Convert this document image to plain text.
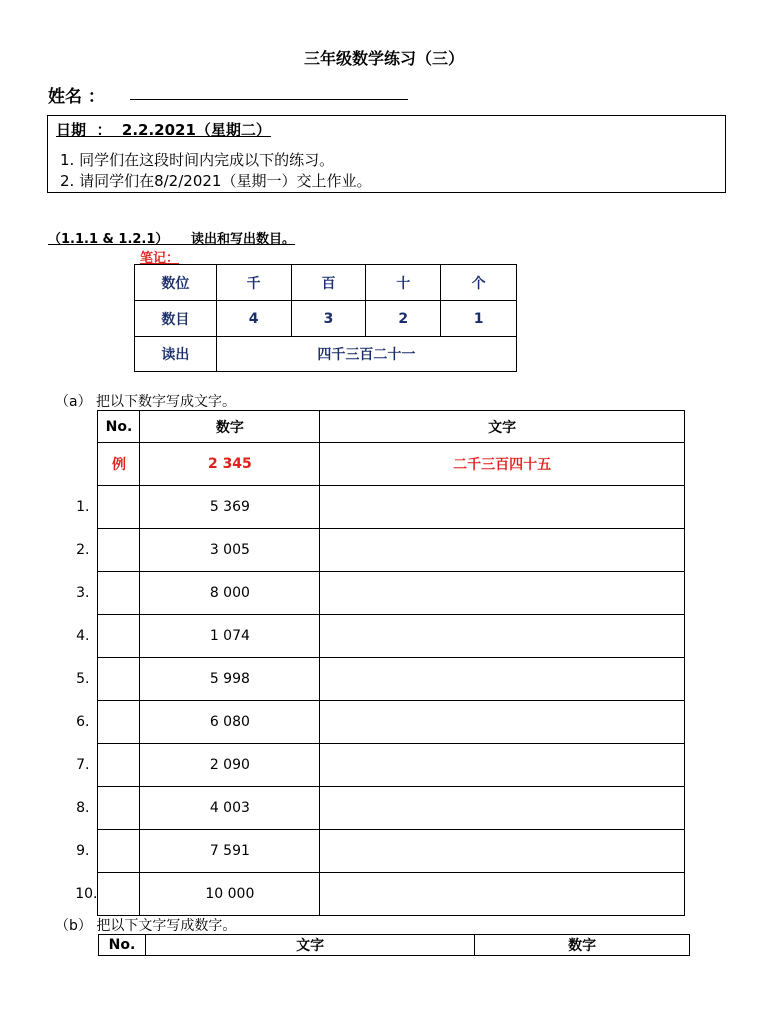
三年级数学练习（三）
姓名 ：
日期  ：  2.2.2021（星期二）
1. 同学们在这段时间内完成以下的练习。
2. 请同学们在8/2/2021（星期一）交上作业。
（1.1.1 & 1.2.1）     读出和写出数目。
笔记：
数位	千	百	十	个
数目	4	3	2	1
读出	四千三百二十一			
（a） 把以下数字写成文字。
	No.	数字	文字
	例	2 345	二千三百四十五
1.		5 369	
2.		3 005	
3.		8 000	
4.		1 074	
5.		5 998	
6.		6 080	
7.		2 090	
8.		4 003	
9.		7 591	
10.		10 000	
（b） 把以下文字写成数字。
No.	文字	数字
